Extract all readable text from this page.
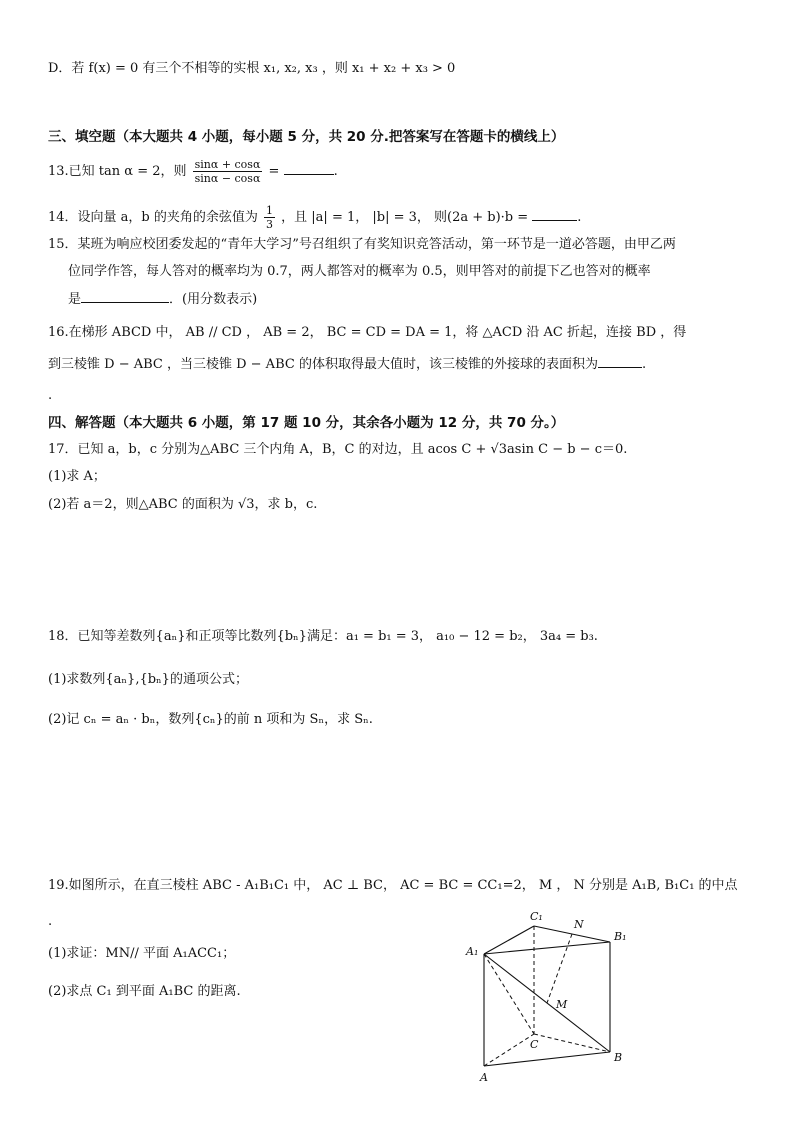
D．若 f(x) = 0 有三个不相等的实根 x₁, x₂, x₃ ，则 x₁ + x₂ + x₃ > 0
三、填空题（本大题共 4 小题，每小题 5 分，共 20 分.把答案写在答题卡的横线上）
13.已知 tan α = 2，则 $\frac{\sin\alpha + \cos\alpha}{\sin\alpha - \cos\alpha}$ =	.
14．设向量 a，b 的夹角的余弦值为 $\frac{1}{3}$ ，且 |a| = 1， |b| = 3， 则(2a + b)·b =	.
15．某班为响应校团委发起的“青年大学习”号召组织了有奖知识竞答活动，第一环节是一道必答题，由甲乙两
位同学作答，每人答对的概率均为 0.7，两人都答对的概率为 0.5，则甲答对的前提下乙也答对的概率
是	．(用分数表示)
16.在梯形 ABCD 中， AB // CD ， AB = 2， BC = CD = DA = 1，将 △ACD 沿 AC 折起，连接 BD ，得
到三棱锥 D − ABC ，当三棱锥 D − ABC 的体积取得最大值时，该三棱锥的外接球的表面积为	.
.
四、解答题（本大题共 6 小题，第 17 题 10 分，其余各小题为 12 分，共 70 分。）
17．已知 a，b，c 分别为△ABC 三个内角 A，B，C 的对边，且 acos C + √3asin C − b − c＝0.
(1)求 A；
(2)若 a＝2，则△ABC 的面积为 √3，求 b，c.
18．已知等差数列{aₙ}和正项等比数列{bₙ}满足：a₁ = b₁ = 3， a₁₀ − 12 = b₂， 3a₄ = b₃.
(1)求数列{aₙ},{bₙ}的通项公式；
(2)记 cₙ = aₙ · bₙ，数列{cₙ}的前 n 项和为 Sₙ，求 Sₙ.
19.如图所示，在直三棱柱 ABC - A₁B₁C₁ 中， AC ⊥ BC， AC = BC = CC₁=2， M ， N 分别是 A₁B, B₁C₁ 的中点
.
(1)求证：MN// 平面 A₁ACC₁；
(2)求点 C₁ 到平面 A₁BC 的距离.
A₁
B₁
C₁
A
B
C
M
N
